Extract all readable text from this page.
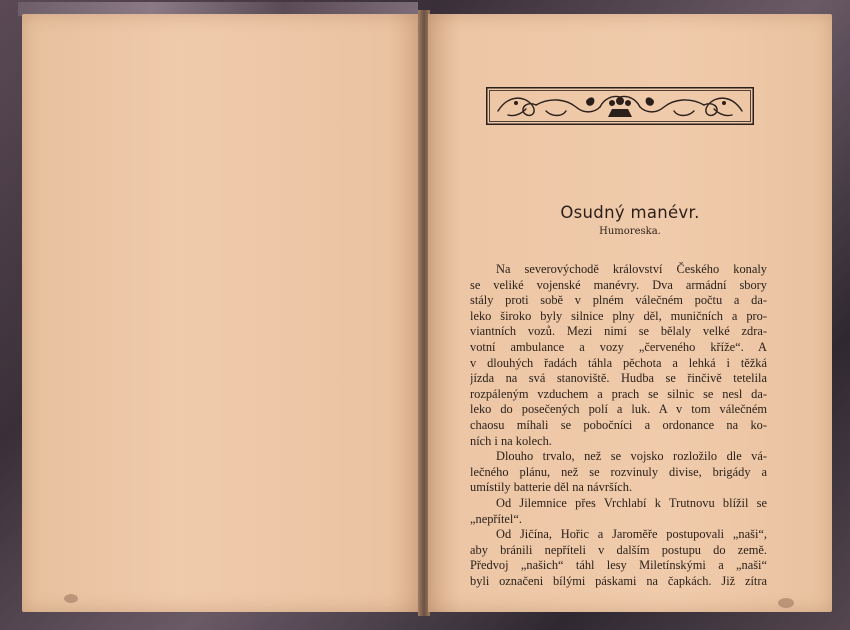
Osudný manévr.
Humoreska.
Na severovýchodě království Českého konaly
se veliké vojenské manévry. Dva armádní sbory
stály proti sobě v plném válečném počtu a da-
leko široko byly silnice plny děl, muničních a pro-
viantních vozů. Mezi nimi se bělaly velké zdra-
votní ambulance a vozy „červeného kříže“. A
v dlouhých řadách táhla pěchota a lehká i těžká
jízda na svá stanoviště. Hudba se řinčivě tetelila
rozpáleným vzduchem a prach se silnic se nesl da-
leko do posečených polí a luk. A v tom válečném
chaosu míhali se pobočníci a ordonance na ko-
ních i na kolech.
Dlouho trvalo, než se vojsko rozložilo dle vá-
lečného plánu, než se rozvinuly divise, brigády a
umístily batterie děl na návrších.
Od Jilemnice přes Vrchlabí k Trutnovu blížil se
„nepřítel“.
Od Jičína, Hořic a Jaroměře postupovali „naši“,
aby bránili nepříteli v dalším postupu do země.
Předvoj „našich“ táhl lesy Miletínskými a „naši“
byli označeni bílými páskami na čapkách. Již zítra
